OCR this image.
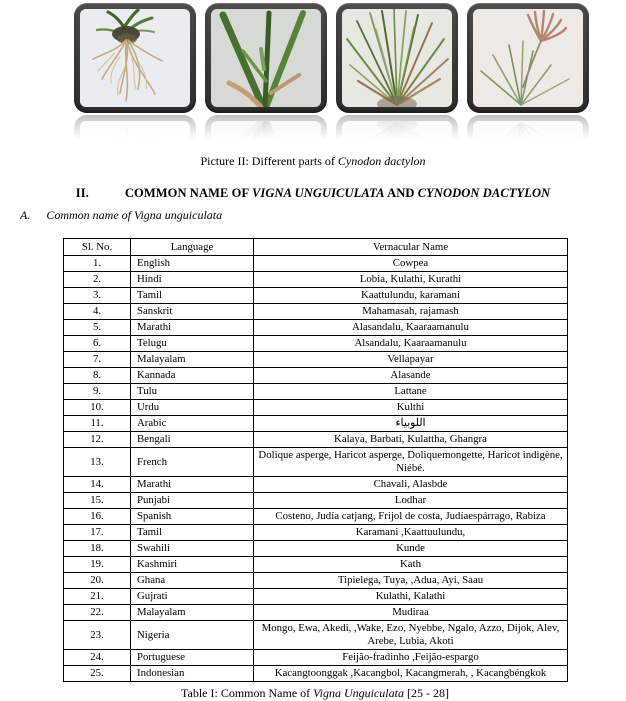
Picture II: Different parts of Cynodon dactylon

II.	COMMON NAME OF VIGNA UNGUICULATA AND CYNODON DACTYLON

A. Common name of Vigna unguiculata

Sl. No.	Language	Vernacular Name
1.	English	Cowpea
2.	Hindi	Lobia, Kulathi, Kurathi
3.	Tamil	Kaattulundu, karamani
4.	Sanskrit	Mahamasah, rajamash
5.	Marathi	Alasandalu, Kaaraamanulu
6.	Telugu	Alsandalu, Kaaraamanulu
7.	Malayalam	Vellapayar
8.	Kannada	Alasande
9.	Tulu	Lattane
10.	Urdu	Kulthi
11.	Arabic	اللوبياء
12.	Bengali	Kalaya, Barbati, Kulattha, Ghangra
13.	French	Dolique asperge, Haricot asperge, Doliquemongette, Haricot indigène, Niébé.
14.	Marathi	Chavali, Alasbde
15.	Punjabi	Lodhar
16.	Spanish	Costeno, Judía catjang, Frijol de costa, Judíaespárrago, Rabiza
17.	Tamil	Karamani ,Kaattuulundu,
18.	Swahili	Kunde
19.	Kashmiri	Kath
20.	Ghana	Tipielega, Tuya, ,Adua, Ayi, Saau
21.	Gujrati	Kulathi, Kalathi
22.	Malayalam	Mudiraa
23.	Nigeria	Mongo, Ewa, Akedi, ,Wake, Ezo, Nyebbe, Ngalo, Azzo, Dijok, Alev, Arebe, Lubia, Akoti
24.	Portuguese	Feijão-fradinho ,Feijão-espargo
25.	Indonesian	Kacangtoonggak ,Kacangbol, Kacangmerah, , Kacangbéngkok

Table I: Common Name of Vigna Unguiculata [25 - 28]
